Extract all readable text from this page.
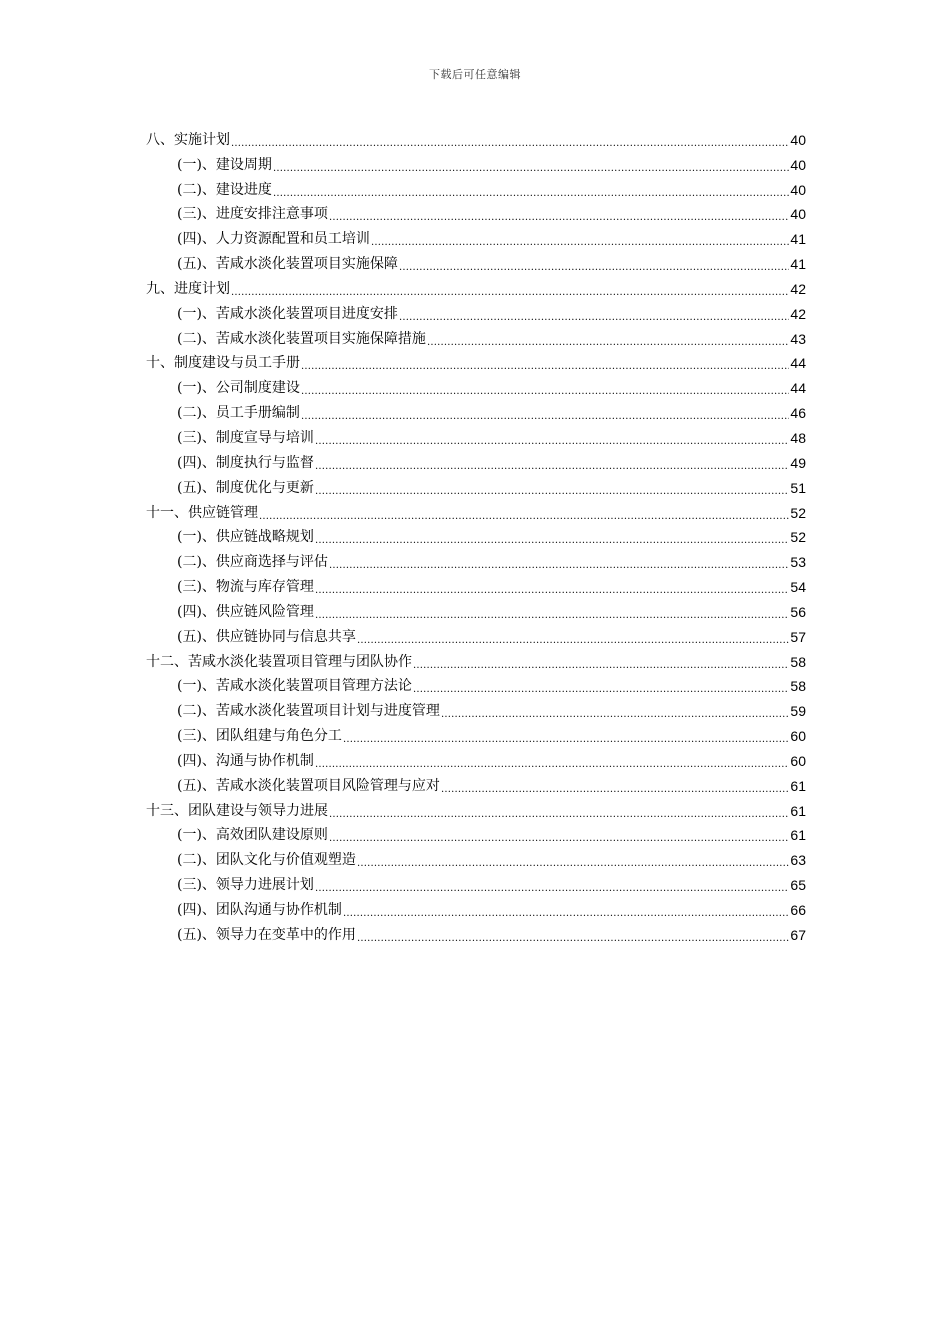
下载后可任意编辑
八、实施计划 .....	40
(一)、建设周期 .....	40
(二)、建设进度 .....	40
(三)、进度安排注意事项 .....	40
(四)、人力资源配置和员工培训 .....	41
(五)、苦咸水淡化装置项目实施保障 .....	41
九、进度计划 .....	42
(一)、苦咸水淡化装置项目进度安排 .....	42
(二)、苦咸水淡化装置项目实施保障措施 .....	43
十、制度建设与员工手册 .....	44
(一)、公司制度建设 .....	44
(二)、员工手册编制 .....	46
(三)、制度宣导与培训 .....	48
(四)、制度执行与监督 .....	49
(五)、制度优化与更新 .....	51
十一、供应链管理 .....	52
(一)、供应链战略规划 .....	52
(二)、供应商选择与评估 .....	53
(三)、物流与库存管理 .....	54
(四)、供应链风险管理 .....	56
(五)、供应链协同与信息共享 .....	57
十二、苦咸水淡化装置项目管理与团队协作 .....	58
(一)、苦咸水淡化装置项目管理方法论 .....	58
(二)、苦咸水淡化装置项目计划与进度管理 .....	59
(三)、团队组建与角色分工 .....	60
(四)、沟通与协作机制 .....	60
(五)、苦咸水淡化装置项目风险管理与应对 .....	61
十三、团队建设与领导力进展 .....	61
(一)、高效团队建设原则 .....	61
(二)、团队文化与价值观塑造 .....	63
(三)、领导力进展计划 .....	65
(四)、团队沟通与协作机制 .....	66
(五)、领导力在变革中的作用 .....	67
